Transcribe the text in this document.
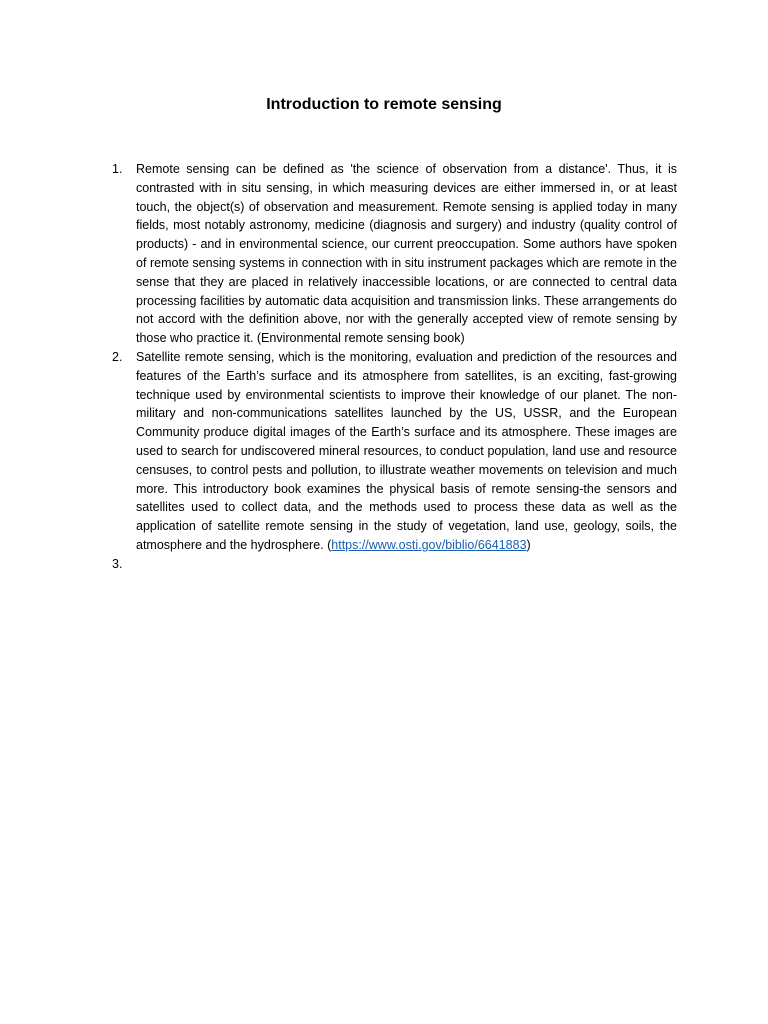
Introduction to remote sensing
1.	Remote sensing can be defined as 'the science of observation from a distance'. Thus, it is contrasted with in situ sensing, in which measuring devices are either immersed in, or at least touch, the object(s) of observation and measurement. Remote sensing is applied today in many fields, most notably astronomy, medicine (diagnosis and surgery) and industry (quality control of products) - and in environmental science, our current preoccupation. Some authors have spoken of remote sensing systems in connection with in situ instrument packages which are remote in the sense that they are placed in relatively inaccessible locations, or are connected to central data processing facilities by automatic data acquisition and transmission links. These arrangements do not accord with the definition above, nor with the generally accepted view of remote sensing by those who practice it. (Environmental remote sensing book)
2.	Satellite remote sensing, which is the monitoring, evaluation and prediction of the resources and features of the Earth’s surface and its atmosphere from satellites, is an exciting, fast-growing technique used by environmental scientists to improve their knowledge of our planet. The non-military and non-communications satellites launched by the US, USSR, and the European Community produce digital images of the Earth’s surface and its atmosphere. These images are used to search for undiscovered mineral resources, to conduct population, land use and resource censuses, to control pests and pollution, to illustrate weather movements on television and much more. This introductory book examines the physical basis of remote sensing-the sensors and satellites used to collect data, and the methods used to process these data as well as the application of satellite remote sensing in the study of vegetation, land use, geology, soils, the atmosphere and the hydrosphere. (https://www.osti.gov/biblio/6641883)
3.
